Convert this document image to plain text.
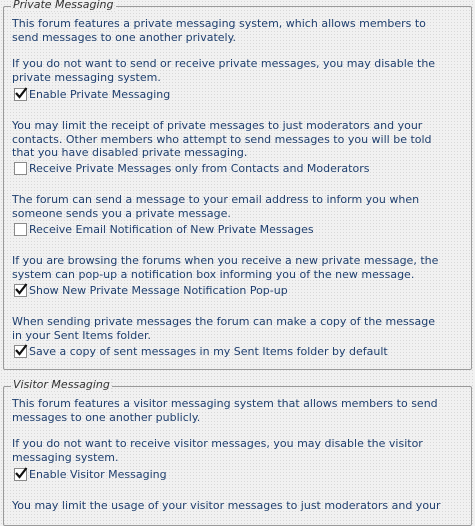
Private Messaging

This forum features a private messaging system, which allows members to
send messages to one another privately.

If you do not want to send or receive private messages, you may disable the
private messaging system.

Enable Private Messaging

You may limit the receipt of private messages to just moderators and your
contacts. Other members who attempt to send messages to you will be told
that you have disabled private messaging.

Receive Private Messages only from Contacts and Moderators

The forum can send a message to your email address to inform you when
someone sends you a private message.

Receive Email Notification of New Private Messages

If you are browsing the forums when you receive a new private message, the
system can pop-up a notification box informing you of the new message.

Show New Private Message Notification Pop-up

When sending private messages the forum can make a copy of the message
in your Sent Items folder.

Save a copy of sent messages in my Sent Items folder by default
Visitor Messaging

This forum features a visitor messaging system that allows members to send
messages to one another publicly.

If you do not want to receive visitor messages, you may disable the visitor
messaging system.

Enable Visitor Messaging

You may limit the usage of your visitor messages to just moderators and your
